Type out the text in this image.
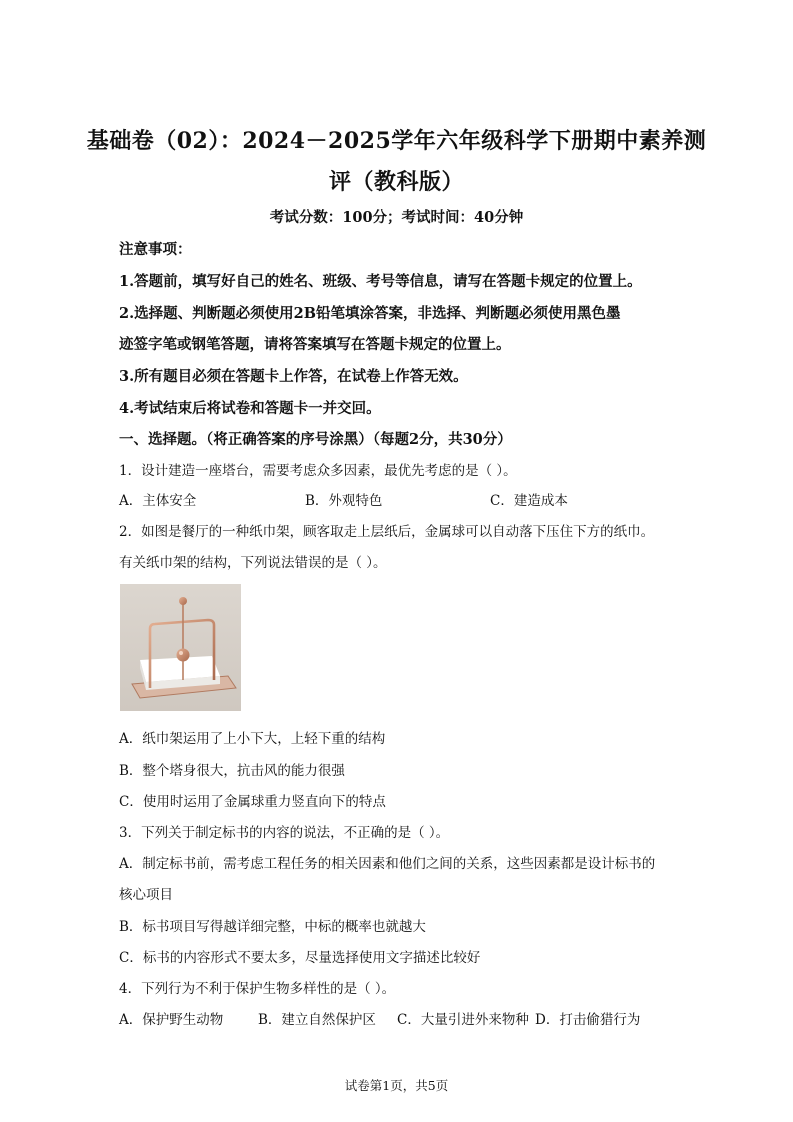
基础卷（02）：2024－2025学年六年级科学下册期中素养测
评（教科版）
考试分数：100分；考试时间：40分钟
注意事项：
1.答题前，填写好自己的姓名、班级、考号等信息，请写在答题卡规定的位置上。
2.选择题、判断题必须使用2B铅笔填涂答案，非选择、判断题必须使用黑色墨
迹签字笔或钢笔答题，请将答案填写在答题卡规定的位置上。
3.所有题目必须在答题卡上作答，在试卷上作答无效。
4.考试结束后将试卷和答题卡一并交回。
一、选择题。（将正确答案的序号涂黑）（每题2分，共30分）
1．设计建造一座塔台，需要考虑众多因素，最优先考虑的是（ ）。
A．主体安全	B．外观特色	C．建造成本
2．如图是餐厅的一种纸巾架，顾客取走上层纸后，金属球可以自动落下压住下方的纸巾。
有关纸巾架的结构，下列说法错误的是（ ）。
A．纸巾架运用了上小下大，上轻下重的结构
B．整个塔身很大，抗击风的能力很强
C．使用时运用了金属球重力竖直向下的特点
3．下列关于制定标书的内容的说法，不正确的是（ ）。
A．制定标书前，需考虑工程任务的相关因素和他们之间的关系，这些因素都是设计标书的
核心项目
B．标书项目写得越详细完整，中标的概率也就越大
C．标书的内容形式不要太多，尽量选择使用文字描述比较好
4．下列行为不利于保护生物多样性的是（ ）。
A．保护野生动物	B．建立自然保护区 C．大量引进外来物种 D．打击偷猎行为
试卷第1页，共5页
